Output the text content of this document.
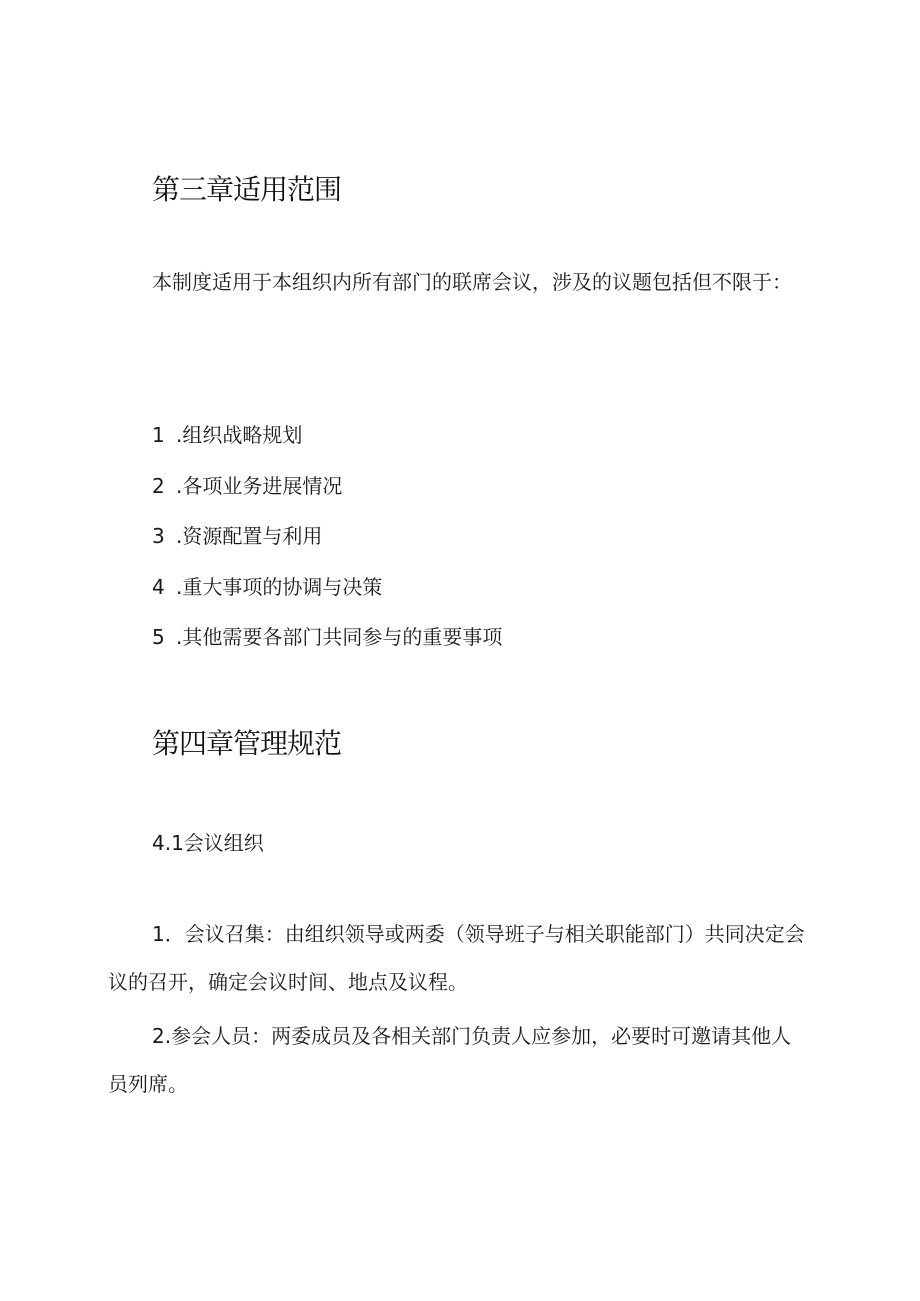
第三章适用范围

本制度适用于本组织内所有部门的联席会议，涉及的议题包括但不限于：

1 .组织战略规划

2 .各项业务进展情况

3 .资源配置与利用

4 .重大事项的协调与决策

5 .其他需要各部门共同参与的重要事项

第四章管理规范

4.1会议组织

1．会议召集：由组织领导或两委（领导班子与相关职能部门）共同决定会议的召开，确定会议时间、地点及议程。

2.参会人员：两委成员及各相关部门负责人应参加，必要时可邀请其他人员列席。
